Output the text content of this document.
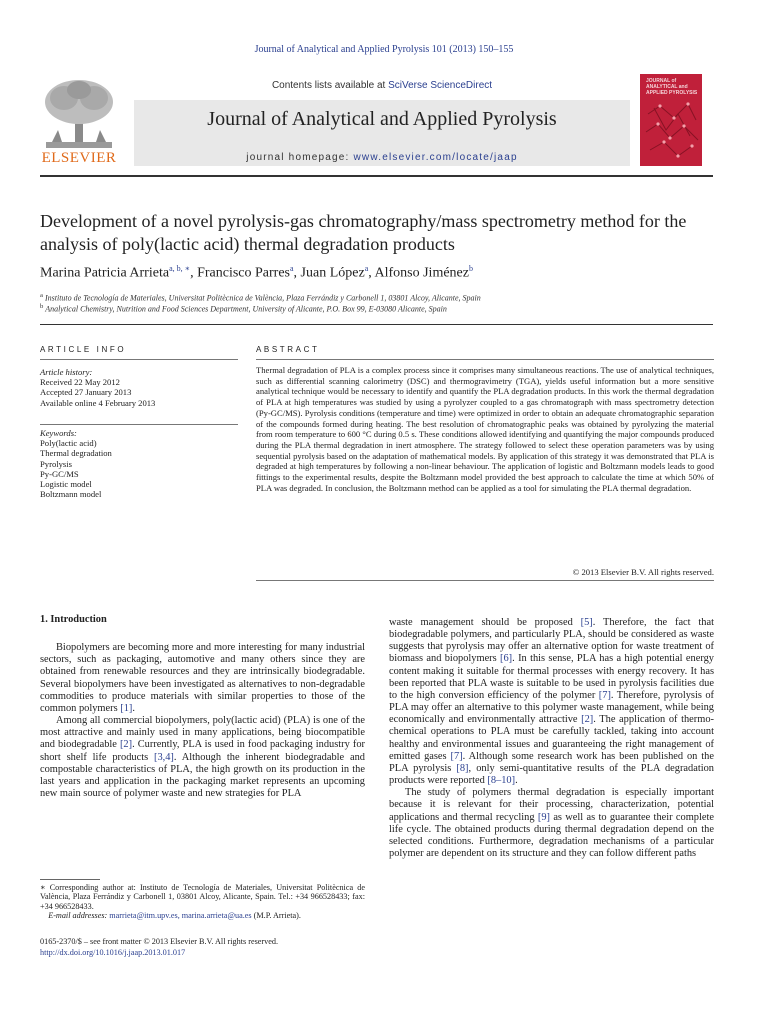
Journal of Analytical and Applied Pyrolysis 101 (2013) 150–155
ELSEVIER
Contents lists available at SciVerse ScienceDirect
Journal of Analytical and Applied Pyrolysis
journal homepage: www.elsevier.com/locate/jaap
JOURNAL of ANALYTICAL and APPLIED PYROLYSIS
Development of a novel pyrolysis-gas chromatography/mass spectrometry method for the analysis of poly(lactic acid) thermal degradation products
Marina Patricia Arrieta$^{a, b, ∗}$, Francisco Parres$^a$, Juan López$^a$, Alfonso Jiménez$^b$
$^a$ Instituto de Tecnología de Materiales, Universitat Politècnica de València, Plaza Ferrándiz y Carbonell 1, 03801 Alcoy, Alicante, Spain
$^b$ Analytical Chemistry, Nutrition and Food Sciences Department, University of Alicante, P.O. Box 99, E-03080 Alicante, Spain
ARTICLE INFO
Article history:
Received 22 May 2012
Accepted 27 January 2013
Available online 4 February 2013
Keywords:
Poly(lactic acid)
Thermal degradation
Pyrolysis
Py-GC/MS
Logistic model
Boltzmann model
ABSTRACT

Thermal degradation of PLA is a complex process since it comprises many simultaneous reactions. The use of analytical techniques, such as differential scanning calorimetry (DSC) and thermogravimetry (TGA), yields useful information but a more sensitive analytical technique would be necessary to identify and quantify the PLA degradation products. In this work the thermal degradation of PLA at high temperatures was studied by using a pyrolyzer coupled to a gas chromatograph with mass spectrometry detection (Py-GC/MS). Pyrolysis conditions (temperature and time) were optimized in order to obtain an adequate chromatographic separation of the compounds formed during heating. The best resolution of chromatographic peaks was obtained by pyrolyzing the material from room temperature to 600 °C during 0.5 s. These conditions allowed identifying and quantifying the major compounds produced during the PLA thermal degradation in inert atmosphere. The strategy followed to select these operation parameters was by using sequential pyrolysis based on the adaptation of mathematical models. By application of this strategy it was demonstrated that PLA is degraded at high temperatures by following a non-linear behaviour. The application of logistic and Boltzmann models leads to good fittings to the experimental results, despite the Boltzmann model provided the best approach to calculate the time at which 50% of PLA was degraded. In conclusion, the Boltzmann method can be applied as a tool for simulating the PLA thermal degradation.

© 2013 Elsevier B.V. All rights reserved.
1. Introduction

Biopolymers are becoming more and more interesting for many industrial sectors, such as packaging, automotive and many others since they are obtained from renewable resources and they are intrinsically biodegradable. Several biopolymers have been investigated as alternatives to non-degradable commodities to produce materials with similar properties to those of the common polymers [1].

Among all commercial biopolymers, poly(lactic acid) (PLA) is one of the most attractive and mainly used in many applications, being biocompatible and biodegradable [2]. Currently, PLA is used in food packaging industry for short shelf life products [3,4]. Although the inherent biodegradable and compostable characteristics of PLA, the high growth on its production in the last years and application in the packaging market represents an upcoming new main source of polymer waste and new strategies for PLA

waste management should be proposed [5]. Therefore, the fact that biodegradable polymers, and particularly PLA, should be considered as waste suggests that pyrolysis may offer an alternative option for waste treatment of biomass and biopolymers [6]. In this sense, PLA has a high potential energy content making it suitable for thermal processes with energy recovery. It has been reported that PLA waste is suitable to be used in pyrolysis facilities due to the high conversion efficiency of the polymer [7]. Therefore, pyrolysis of PLA may offer an alternative to this polymer waste management, while being economically and environmentally attractive [2]. The application of thermo-chemical operations to PLA must be carefully tackled, taking into account healthy and environmental issues and guaranteeing the right management of emitted gases [7]. Although some research work has been published on the PLA pyrolysis [8], only semi-quantitative results of the PLA degradation products were reported [8–10].

The study of polymers thermal degradation is especially important because it is relevant for their processing, characterization, potential applications and thermal recycling [9] as well as to guarantee their complete life cycle. The obtained products during thermal degradation depend on the selected conditions. Furthermore, degradation mechanisms of a particular polymer are dependent on its structure and they can follow different paths

∗ Corresponding author at: Instituto de Tecnología de Materiales, Universitat Politècnica de València, Plaza Ferrándiz y Carbonell 1, 03801 Alcoy, Alicante, Spain. Tel.: +34 966528433; fax: +34 966528433.
E-mail addresses: marrieta@itm.upv.es, marina.arrieta@ua.es (M.P. Arrieta).

0165-2370/$ – see front matter © 2013 Elsevier B.V. All rights reserved.
http://dx.doi.org/10.1016/j.jaap.2013.01.017
